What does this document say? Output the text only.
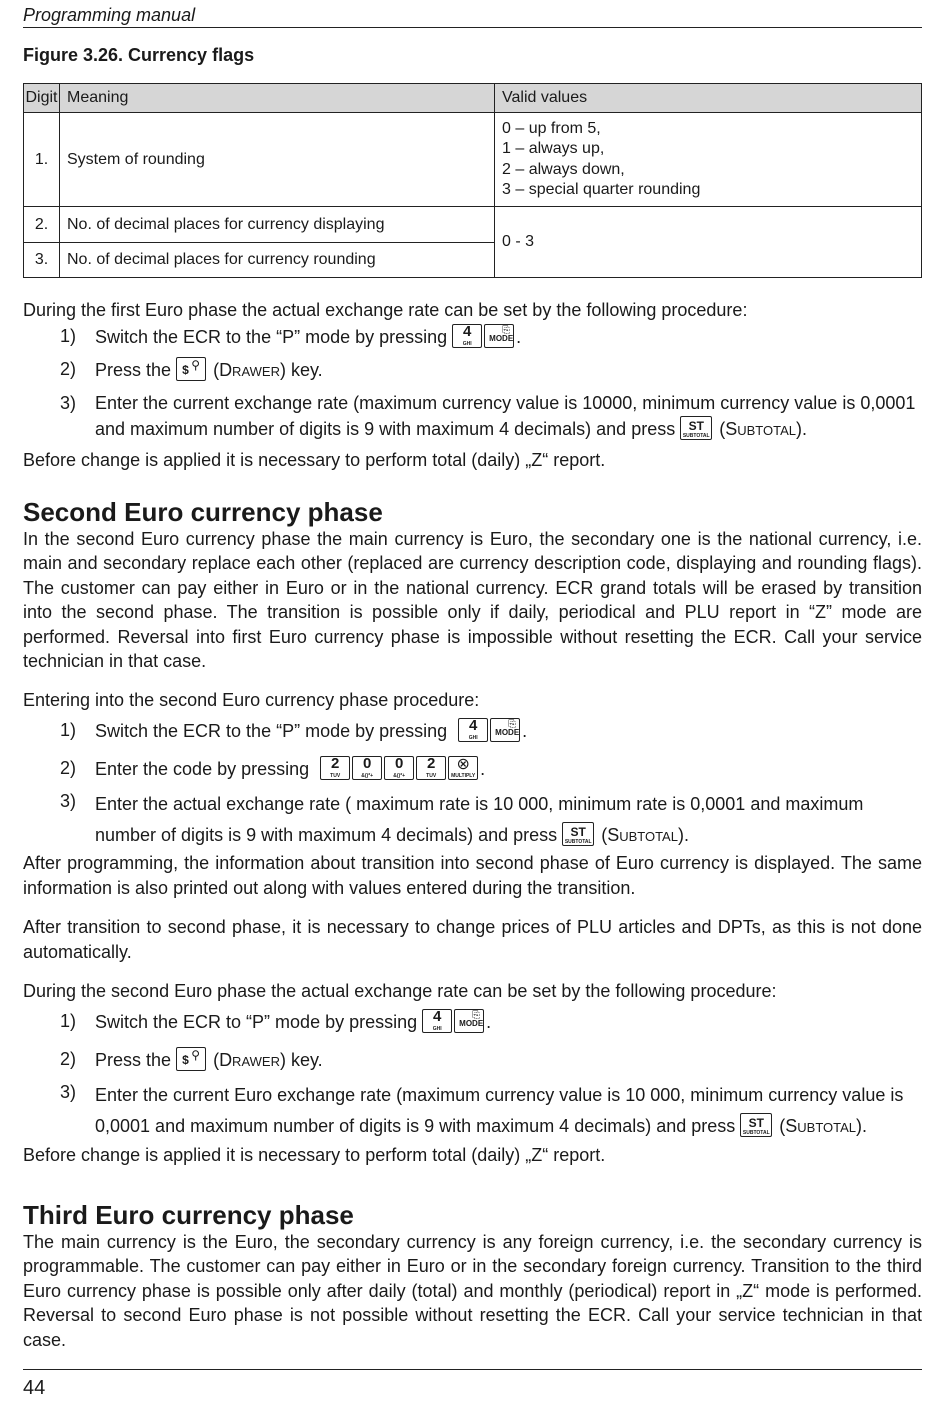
Programming manual
Figure 3.26. Currency flags
Digit	Meaning	Valid values
1.	System of rounding	0 – up from 5,
1 – always up,
2 – always down,
3 – special quarter rounding

2.	No. of decimal places for currency displaying	0 - 3
3.	No. of decimal places for currency rounding	
During the first Euro phase the actual exchange rate can be set by the following procedure:
1) Switch the ECR to the “P” mode by pressing	4
GHI
MODE
⎘ .
2) Press the $ ⚲ (Drawer) key.
3) Enter the current exchange rate (maximum currency value is 10000, minimum currency value is 0,0001 and maximum number of digits is 9 with maximum 4 decimals) and press	ST
SUBTOTAL (Subtotal).
Before change is applied it is necessary to perform total (daily) „Z“ report.
Second Euro currency phase
In the second Euro currency phase the main currency is Euro, the secondary one is the national currency, i.e. main and secondary replace each other (replaced are currency description code, displaying and rounding flags). The customer can pay either in Euro or in the national currency. ECR grand totals will be erased by transition into the second phase. The transition is possible only if daily, periodical and PLU report in “Z” mode are performed. Reversal into first Euro currency phase is impossible without resetting the ECR. Call your service technician in that case.
Entering into the second Euro currency phase procedure:
1) Switch the ECR to the “P” mode by pressing	4
GHI
MODE
⎘ .
2) Enter the code by pressing	2
TUV
0
&()*+
0
&()*+
2
TUV
⊗
MULTIPLY .
3) Enter the actual exchange rate ( maximum rate is 10 000, minimum rate is 0,0001 and maximum number of digits is 9 with maximum 4 decimals) and press	ST
SUBTOTAL (Subtotal).
After programming, the information about transition into second phase of Euro currency is displayed. The same information is also printed out along with values entered during the transition.
After transition to second phase, it is necessary to change prices of PLU articles and DPTs, as this is not done automatically.
During the second Euro phase the actual exchange rate can be set by the following procedure:
1) Switch the ECR to “P” mode by pressing	4
GHI
MODE
⎘ .
2) Press the $ ⚲ (Drawer) key.
3) Enter the current Euro exchange rate (maximum currency value is 10 000, minimum currency value is 0,0001 and maximum number of digits is 9 with maximum 4 decimals) and press	ST
SUBTOTAL (Subtotal).
Before change is applied it is necessary to perform total (daily) „Z“ report.
Third Euro currency phase
The main currency is the Euro, the secondary currency is any foreign currency, i.e. the secondary currency is programmable. The customer can pay either in Euro or in the secondary foreign currency. Transition to the third Euro currency phase is possible only after daily (total) and monthly (periodical) report in „Z“ mode is performed. Reversal to second Euro phase is not possible without resetting the ECR. Call your service technician in that case.
44
